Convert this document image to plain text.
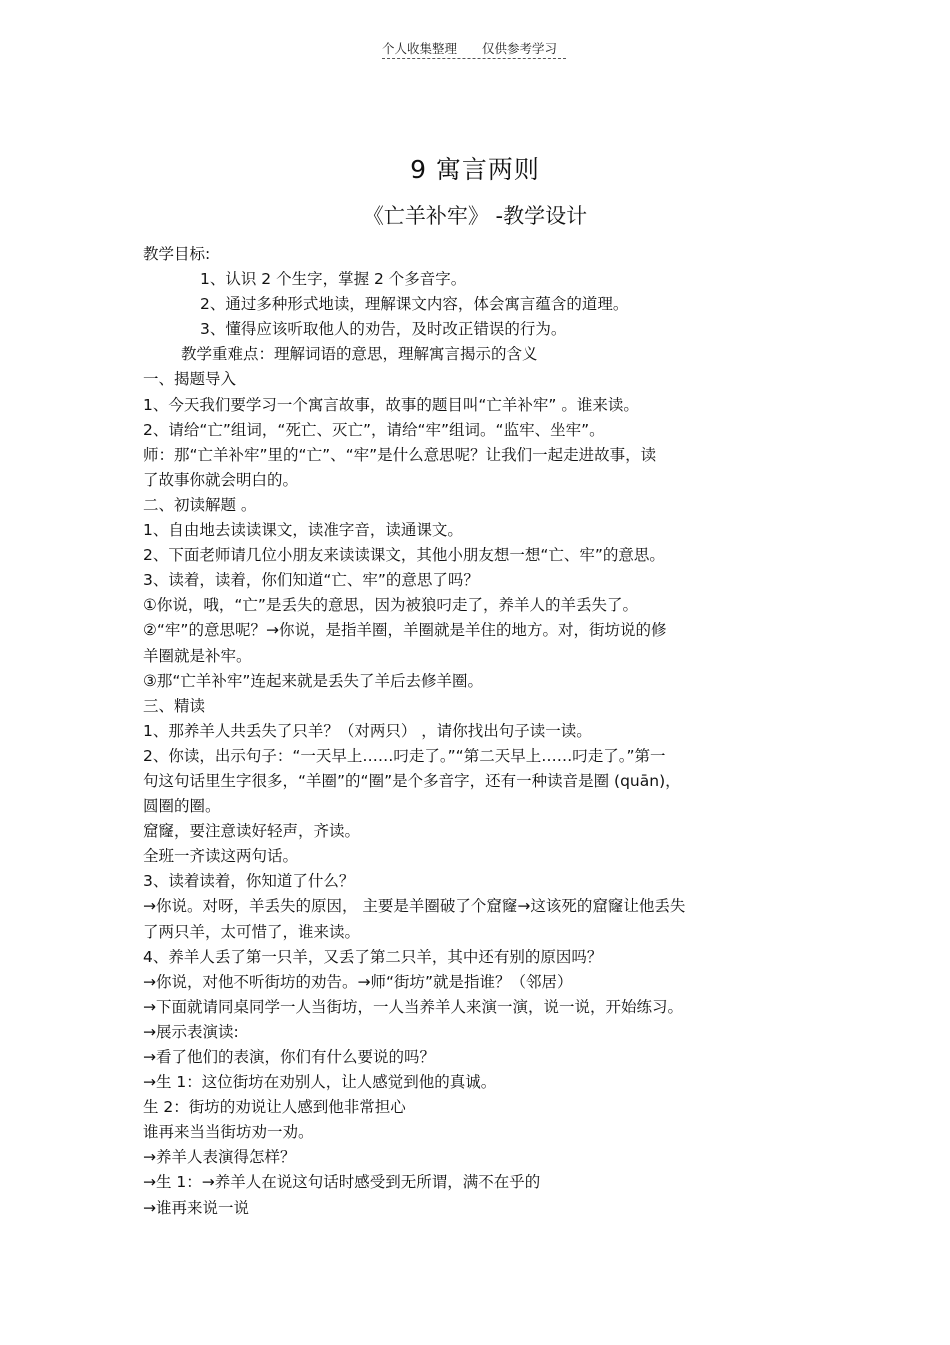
个人收集整理 仅供参考学习
9 寓言两则
《亡羊补牢》 -教学设计
教学目标:
1、认识 2 个生字，掌握 2 个多音字。
2、通过多种形式地读，理解课文内容，体会寓言蕴含的道理。
3、懂得应该听取他人的劝告，及时改正错误的行为。
教学重难点：理解词语的意思，理解寓言揭示的含义
一、揭题导入
1、今天我们要学习一个寓言故事，故事的题目叫“亡羊补牢” 。谁来读。
2、请给“亡”组词，“死亡、灭亡”，请给“牢”组词。“监牢、坐牢”。
师：那“亡羊补牢”里的“亡”、“牢”是什么意思呢？让我们一起走进故事，读
了故事你就会明白的。
二、初读解题 。
1、自由地去读读课文，读准字音，读通课文。
2、下面老师请几位小朋友来读读课文，其他小朋友想一想“亡、牢”的意思。
3、读着，读着，你们知道“亡、牢”的意思了吗？
①你说，哦，“亡”是丢失的意思，因为被狼叼走了，养羊人的羊丢失了。
②“牢”的意思呢？→你说，是指羊圈，羊圈就是羊住的地方。对，街坊说的修
羊圈就是补牢。
③那“亡羊补牢”连起来就是丢失了羊后去修羊圈。
三、精读
1、那养羊人共丢失了只羊？（对两只） ，请你找出句子读一读。
2、你读，出示句子：“一天早上……叼走了。”“第二天早上……叼走了。”第一
句这句话里生字很多，“羊圈”的“圈”是个多音字，还有一种读音是圈 (quān)，
圆圈的圈。
窟窿，要注意读好轻声，齐读。
全班一齐读这两句话。
3、读着读着，你知道了什么？
→你说。对呀，羊丢失的原因， 主要是羊圈破了个窟窿→这该死的窟窿让他丢失
了两只羊，太可惜了，谁来读。
4、养羊人丢了第一只羊，又丢了第二只羊，其中还有别的原因吗？
→你说，对他不听街坊的劝告。→师“街坊”就是指谁？（邻居）
→下面就请同桌同学一人当街坊，一人当养羊人来演一演，说一说，开始练习。
→展示表演读:
→看了他们的表演，你们有什么要说的吗？
→生 1：这位街坊在劝别人，让人感觉到他的真诚。
生 2：街坊的劝说让人感到他非常担心
谁再来当当街坊劝一劝。
→养羊人表演得怎样？
→生 1：→养羊人在说这句话时感受到无所谓，满不在乎的
→谁再来说一说
